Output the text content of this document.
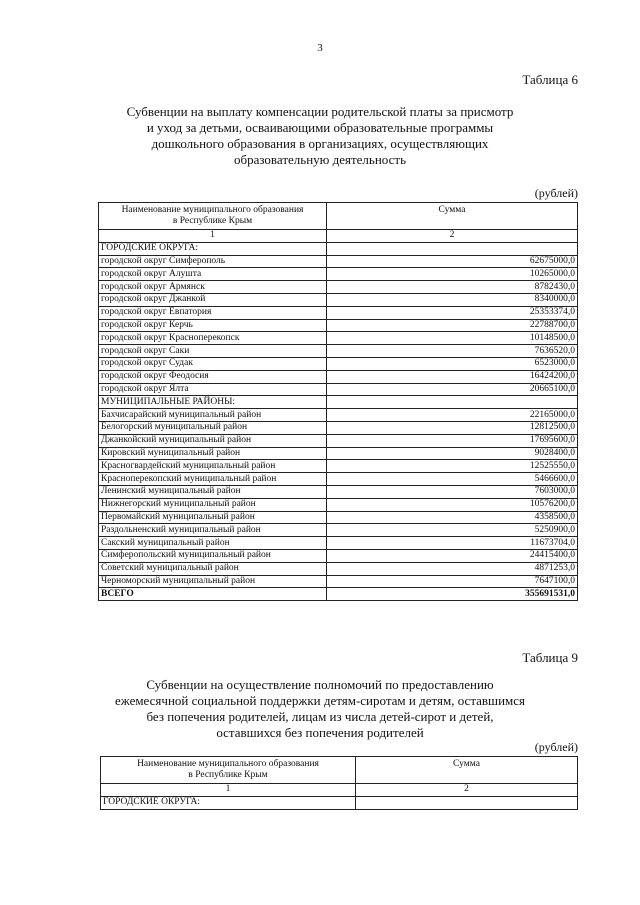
3
Таблица 6
Субвенции на выплату компенсации родительской платы за присмотр
и уход за детьми, осваивающими образовательные программы
дошкольного образования в организациях, осуществляющих
образовательную деятельность
(рублей)
Наименование муниципального образования
в Республике Крым	Сумма
1	2
ГОРОДСКИЕ ОКРУГА:	
городской округ Симферополь	62675000,0
городской округ Алушта	10265000,0
городской округ Армянск	8782430,0
городской округ Джанкой	8340000,0
городской округ Евпатория	25353374,0
городской округ Керчь	22788700,0
городской округ Красноперекопск	10148500,0
городской округ Саки	7636520,0
городской округ Судак	6523000,0
городской округ Феодосия	16424200,0
городской округ Ялта	20665100,0
МУНИЦИПАЛЬНЫЕ РАЙОНЫ:	
Бахчисарайский муниципальный район	22165000,0
Белогорский муниципальный район	12812500,0
Джанкойский муниципальный район	17695600,0
Кировский муниципальный район	9028400,0
Красногвардейский муниципальный район	12525550,0
Красноперекопский муниципальный район	5466600,0
Ленинский муниципальный район	7603000,0
Нижнегорский муниципальный район	10576200,0
Первомайский муниципальный район	4358500,0
Раздольненский муниципальный район	5250900,0
Сакский муниципальный район	11673704,0
Симферопольский муниципальный район	24415400,0
Советский муниципальный район	4871253,0
Черноморский муниципальный район	7647100,0
ВСЕГО	355691531,0
Таблица 9
Субвенции на осуществление полномочий по предоставлению
ежемесячной социальной поддержки детям-сиротам и детям, оставшимся
без попечения родителей, лицам из числа детей-сирот и детей,
оставшихся без попечения родителей
(рублей)
Наименование муниципального образования
в Республике Крым	Сумма
1	2
ГОРОДСКИЕ ОКРУГА:	
